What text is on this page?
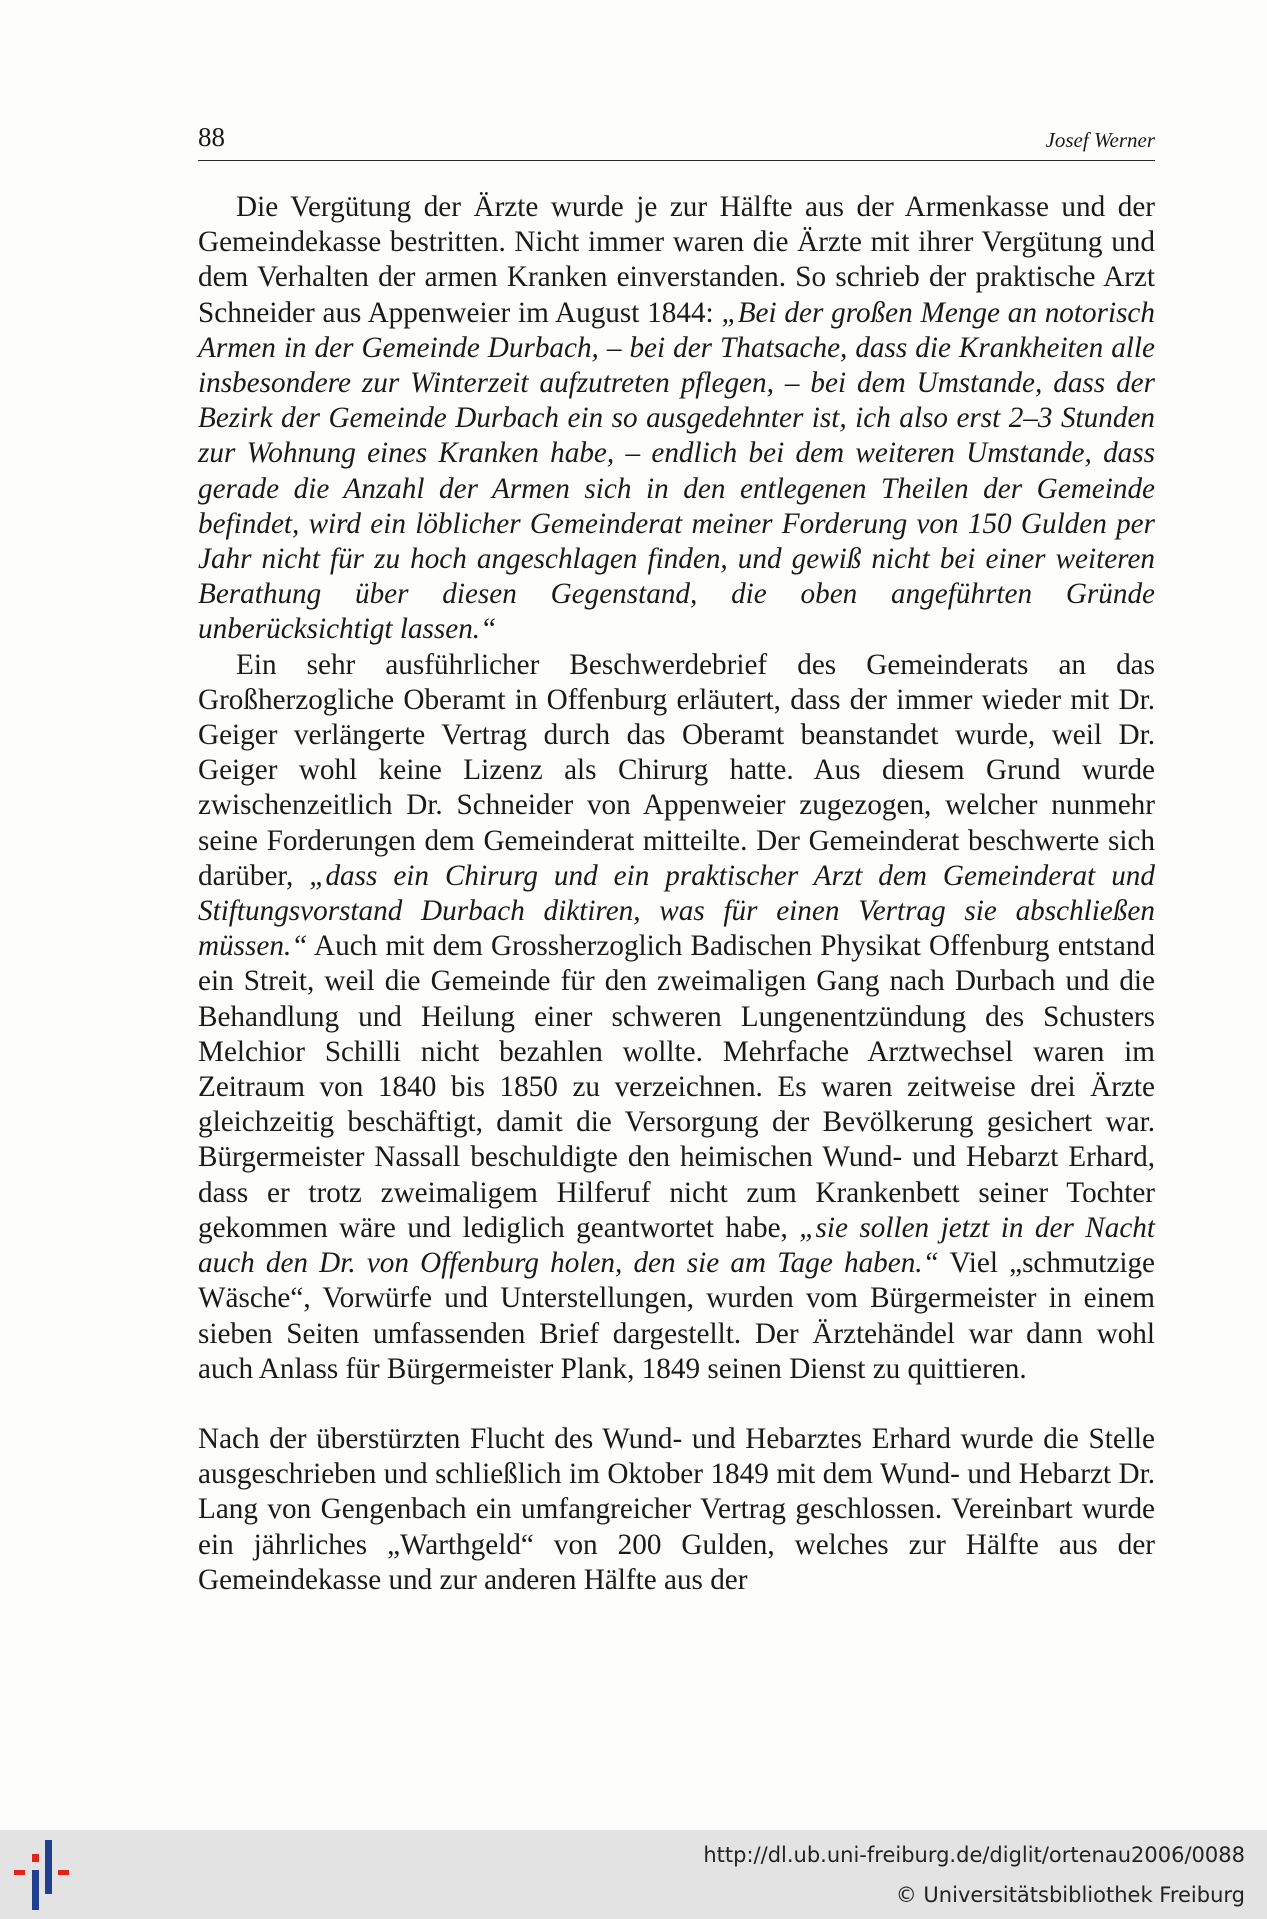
88	Josef Werner

Die Vergütung der Ärzte wurde je zur Hälfte aus der Armenkasse und der Gemeindekasse bestritten. Nicht immer waren die Ärzte mit ihrer Vergütung und dem Verhalten der armen Kranken einverstanden. So schrieb der praktische Arzt Schneider aus Appenweier im August 1844: „Bei der großen Menge an notorisch Armen in der Gemeinde Durbach, – bei der Thatsache, dass die Krankheiten alle insbesondere zur Winterzeit aufzutreten pflegen, – bei dem Umstande, dass der Bezirk der Gemeinde Durbach ein so ausgedehnter ist, ich also erst 2–3 Stunden zur Wohnung eines Kranken habe, – endlich bei dem weiteren Umstande, dass gerade die Anzahl der Armen sich in den entlegenen Theilen der Gemeinde befindet, wird ein löblicher Gemeinderat meiner Forderung von 150 Gulden per Jahr nicht für zu hoch angeschlagen finden, und gewiß nicht bei einer weiteren Berathung über diesen Gegenstand, die oben angeführten Gründe unberücksichtigt lassen.“

Ein sehr ausführlicher Beschwerdebrief des Gemeinderats an das Großherzogliche Oberamt in Offenburg erläutert, dass der immer wieder mit Dr. Geiger verlängerte Vertrag durch das Oberamt beanstandet wurde, weil Dr. Geiger wohl keine Lizenz als Chirurg hatte. Aus diesem Grund wurde zwischenzeitlich Dr. Schneider von Appenweier zugezogen, welcher nunmehr seine Forderungen dem Gemeinderat mitteilte. Der Gemeinderat beschwerte sich darüber, „dass ein Chirurg und ein praktischer Arzt dem Gemeinderat und Stiftungsvorstand Durbach diktiren, was für einen Vertrag sie abschließen müssen.“ Auch mit dem Grossherzoglich Badischen Physikat Offenburg entstand ein Streit, weil die Gemeinde für den zweimaligen Gang nach Durbach und die Behandlung und Heilung einer schweren Lungenentzündung des Schusters Melchior Schilli nicht bezahlen wollte. Mehrfache Arztwechsel waren im Zeitraum von 1840 bis 1850 zu verzeichnen. Es waren zeitweise drei Ärzte gleichzeitig beschäftigt, damit die Versorgung der Bevölkerung gesichert war. Bürgermeister Nassall beschuldigte den heimischen Wund- und Hebarzt Erhard, dass er trotz zweimaligem Hilferuf nicht zum Krankenbett seiner Tochter gekommen wäre und lediglich geantwortet habe, „sie sollen jetzt in der Nacht auch den Dr. von Offenburg holen, den sie am Tage haben.“ Viel „schmutzige Wäsche“, Vorwürfe und Unterstellungen, wurden vom Bürgermeister in einem sieben Seiten umfassenden Brief dargestellt. Der Ärztehändel war dann wohl auch Anlass für Bürgermeister Plank, 1849 seinen Dienst zu quittieren.

Nach der überstürzten Flucht des Wund- und Hebarztes Erhard wurde die Stelle ausgeschrieben und schließlich im Oktober 1849 mit dem Wund- und Hebarzt Dr. Lang von Gengenbach ein umfangreicher Vertrag geschlossen. Vereinbart wurde ein jährliches „Warthgeld“ von 200 Gulden, welches zur Hälfte aus der Gemeindekasse und zur anderen Hälfte aus der

http://dl.ub.uni-freiburg.de/diglit/ortenau2006/0088
© Universitätsbibliothek Freiburg
